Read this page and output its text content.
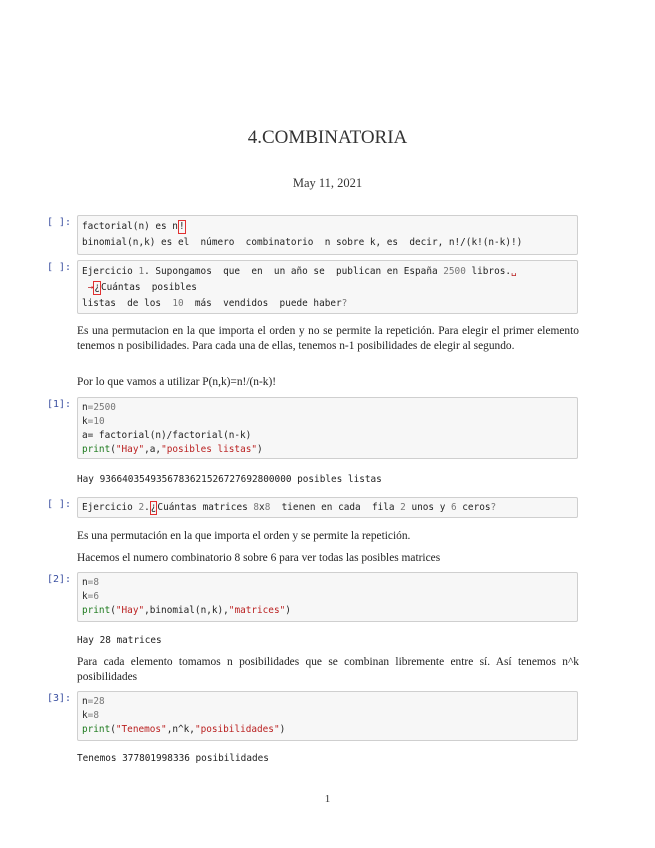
4.COMBINATORIA
May 11, 2021
[ ]:	factorial(n) es n!
binomial(n,k) es el  número  combinatorio  n sobre k, es  decir, n!/(k!(n-k)!)
[ ]:	Ejercicio 1. Supongamos  que  en  un año se  publican en España 2500 libros.␣
→¿Cuántas  posibles
listas  de los  10  más  vendidos  puede haber?
Es una permutacion en la que importa el orden y no se permite la repetición. Para elegir el primer elemento tenemos n posibilidades. Para cada una de ellas, tenemos n-1 posibilidades de elegir al segundo.
Por lo que vamos a utilizar P(n,k)=n!/(n-k)!
[1]:	n=2500
k=10
a= factorial(n)/factorial(n-k)
print("Hay",a,"posibles listas")
Hay 93664035493567836215267276928000​00 posibles listas
[ ]:	Ejercicio 2.¿Cuántas matrices 8x8  tienen en cada  fila 2 unos y 6 ceros?
Es una permutación en la que importa el orden y se permite la repetición.
Hacemos el numero combinatorio 8 sobre 6 para ver todas las posibles matrices
[2]:	n=8
k=6
print("Hay",binomial(n,k),"matrices")
Hay 28 matrices
Para cada elemento tomamos n posibilidades que se combinan libremente entre sí. Así tenemos n^k posibilidades
[3]:	n=28
k=8
print("Tenemos",n^k,"posibilidades")
Tenemos 377801998336 posibilidades
1
